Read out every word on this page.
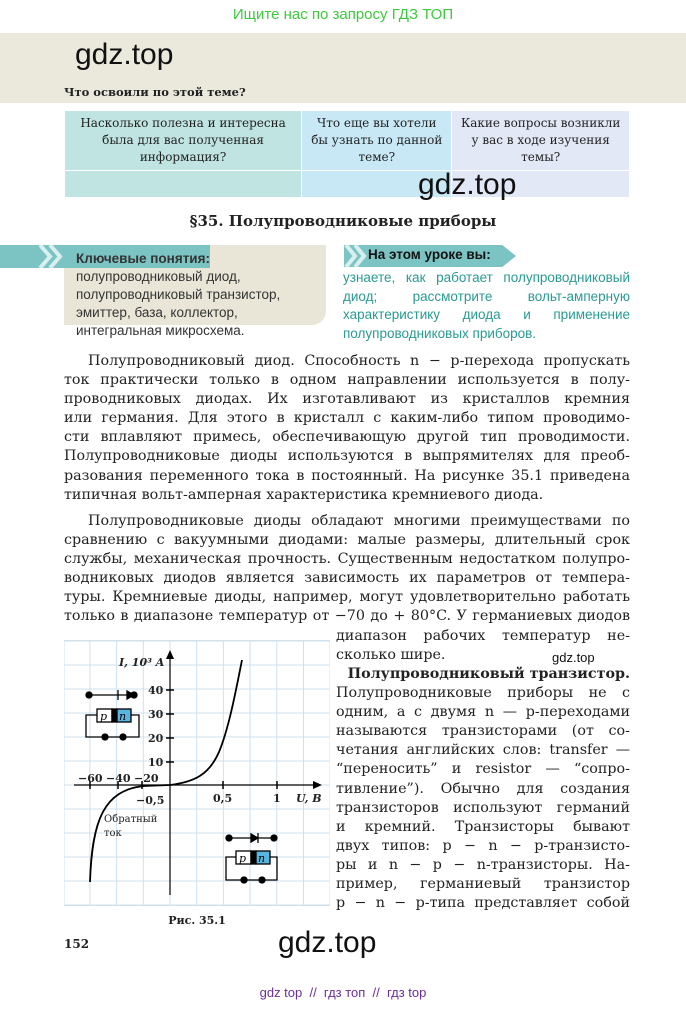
Ищите нас по запросу ГДЗ ТОП
gdz.top
Что освоили по этой теме?
Насколько полезна и интересна была для вас полученная информация?	Что еще вы хотели бы узнать по данной теме?	Какие вопросы возникли у вас в ходе изучения темы?

gdz.top
§35. Полупроводниковые приборы
Ключевые понятия: полупроводниковый диод, полупроводниковый транзистор, эмиттер, база, коллектор, интегральная микросхема.
На этом уроке вы:
узнаете, как работает полупроводниковый диод; рассмотрите вольт-амперную характеристику диода и применение полупроводниковых приборов.
Полупроводниковый диод. Способность n − p-перехода пропускать
ток практически только в одном направлении используется в полу-
проводниковых диодах. Их изготавливают из кристаллов кремния
или германия. Для этого в кристалл с каким-либо типом проводимо-
сти вплавляют примесь, обеспечивающую другой тип проводимости.
Полупроводниковые диоды используются в выпрямителях для преоб-
разования переменного тока в постоянный. На рисунке 35.1 приведена
типичная вольт-амперная характеристика кремниевого диода.
Полупроводниковые диоды обладают многими преимуществами по
сравнению с вакуумными диодами: малые размеры, длительный срок
службы, механическая прочность. Существенным недостатком полупро-
водниковых диодов является зависимость их параметров от темпера-
туры. Кремниевые диоды, например, могут удовлетворительно работать
только в диапазоне температур от −70 до + 80°C. У германиевых диодов
диапазон рабочих температур не-
сколько шире.	gdz.top
Полупроводниковый транзистор.
Полупроводниковые приборы не с
одним, а с двумя n — p-переходами
называются транзисторами (от со-
четания английских слов: transfer —
“переносить” и resistor — “сопро-
тивление”). Обычно для создания
транзисторов используют германий
и кремний. Транзисторы бывают
двух типов: p − n − p-транзисто-
ры и n − p − n-транзисторы. На-
пример, германиевый транзистор
p − n − p-типа представляет собой
I, 10³ A
10
20
30
40
−60 −40 −20
−0,5	0,5	1 U, B
Обратный
ток
p n
p n
Рис. 35.1
152	gdz.top
gdz top  //  гдз топ  //  гдз top
